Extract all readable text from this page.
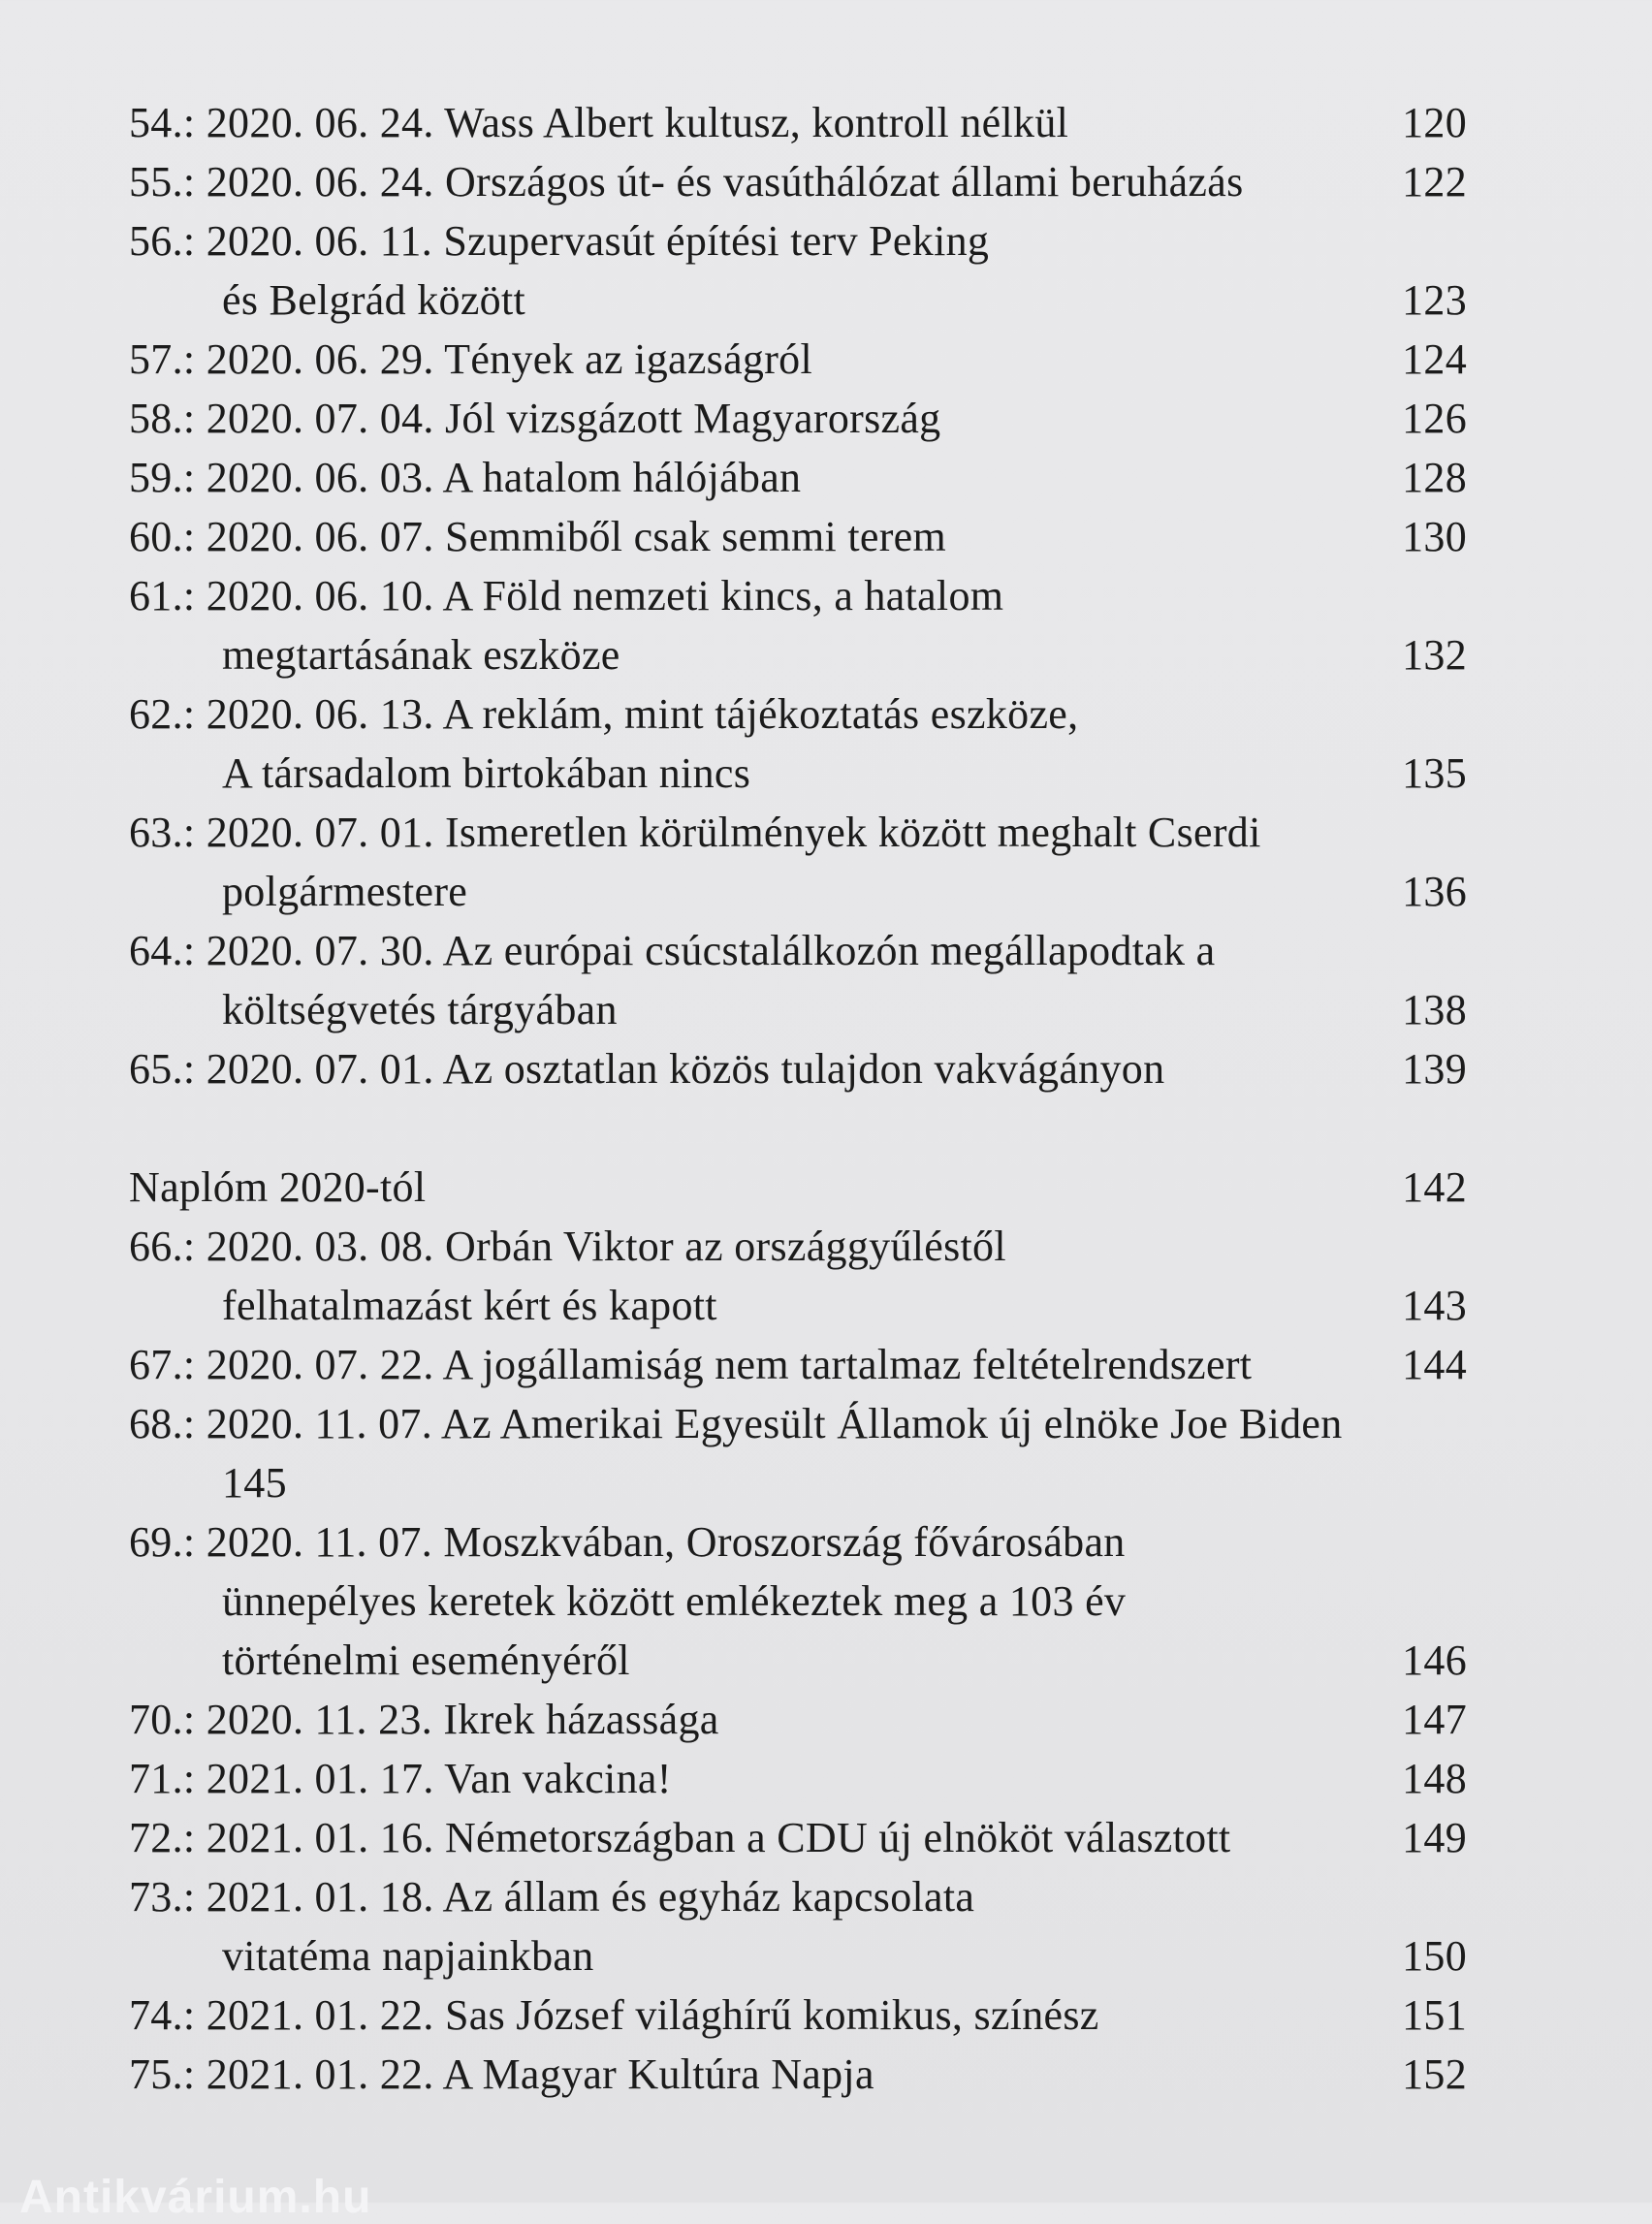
54.: 2020. 06. 24. Wass Albert kultusz, kontroll nélkül	120
55.: 2020. 06. 24. Országos út- és vasúthálózat állami beruházás	122
56.: 2020. 06. 11. Szupervasút építési terv Peking
és Belgrád között	123
57.: 2020. 06. 29. Tények az igazságról	124
58.: 2020. 07. 04. Jól vizsgázott Magyarország	126
59.: 2020. 06. 03. A hatalom hálójában	128
60.: 2020. 06. 07. Semmiből csak semmi terem	130
61.: 2020. 06. 10. A Föld nemzeti kincs, a hatalom
megtartásának eszköze	132
62.: 2020. 06. 13. A reklám, mint tájékoztatás eszköze,
A társadalom birtokában nincs	135
63.: 2020. 07. 01. Ismeretlen körülmények között meghalt Cserdi
polgármestere	136
64.: 2020. 07. 30. Az európai csúcstalálkozón megállapodtak a
költségvetés tárgyában	138
65.: 2020. 07. 01. Az osztatlan közös tulajdon vakvágányon	139
Naplóm 2020-tól	142
66.: 2020. 03. 08. Orbán Viktor az országgyűléstől
felhatalmazást kért és kapott	143
67.: 2020. 07. 22. A jogállamiság nem tartalmaz feltételrendszert	144
68.: 2020. 11. 07. Az Amerikai Egyesült Államok új elnöke Joe Biden
145
69.: 2020. 11. 07. Moszkvában, Oroszország fővárosában
ünnepélyes keretek között emlékeztek meg a 103 év
történelmi eseményéről	146
70.: 2020. 11. 23. Ikrek házassága	147
71.: 2021. 01. 17. Van vakcina!	148
72.: 2021. 01. 16. Németországban a CDU új elnököt választott	149
73.: 2021. 01. 18. Az állam és egyház kapcsolata
vitatéma napjainkban	150
74.: 2021. 01. 22. Sas József világhírű komikus, színész	151
75.: 2021. 01. 22. A Magyar Kultúra Napja	152
Antikvárium.hu
